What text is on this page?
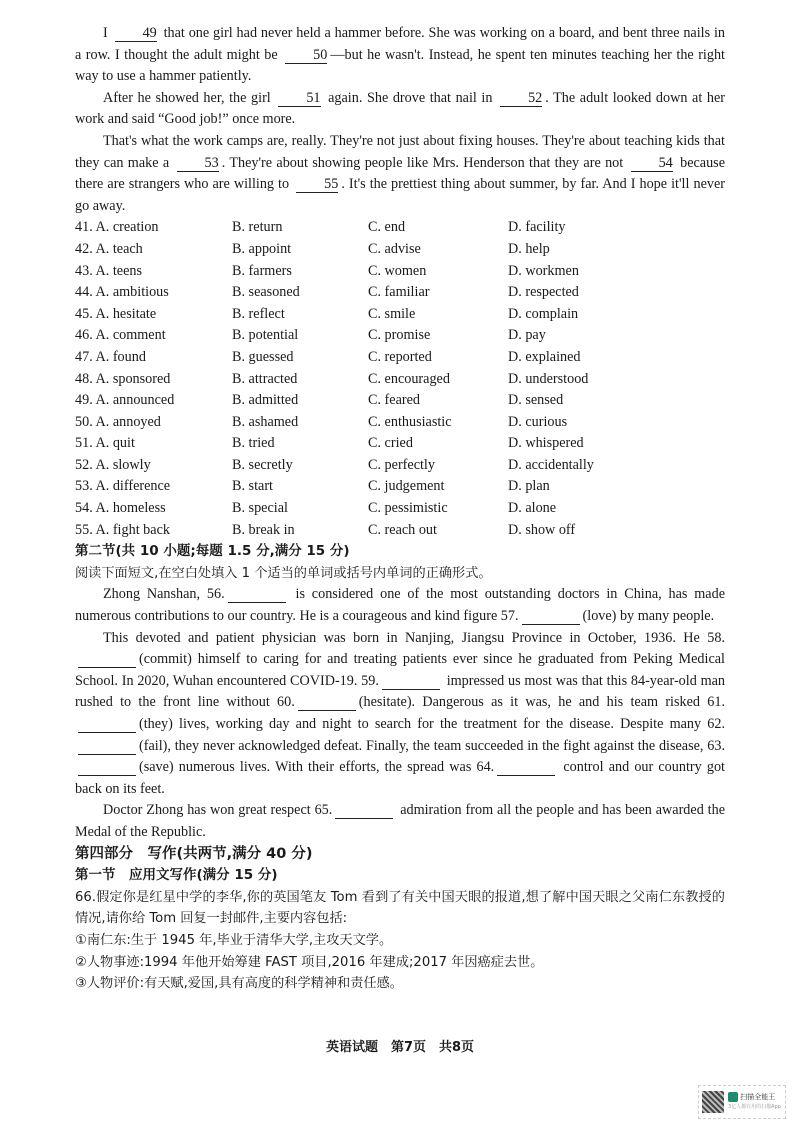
I 49 that one girl had never held a hammer before. She was working on a board, and bent three nails in a row. I thought the adult might be 50 —but he wasn't. Instead, he spent ten minutes teaching her the right way to use a hammer patiently.

After he showed her, the girl 51 again. She drove that nail in 52 . The adult looked down at her work and said “Good job!” once more.

That's what the work camps are, really. They're not just about fixing houses. They're about teaching kids that they can make a 53 . They're about showing people like Mrs. Henderson that they are not 54 because there are strangers who are willing to 55 . It's the prettiest thing about summer, by far. And I hope it'll never go away.

41. A. creation	B. return	C. end	D. facility
42. A. teach	B. appoint	C. advise	D. help
43. A. teens	B. farmers	C. women	D. workmen
44. A. ambitious	B. seasoned	C. familiar	D. respected
45. A. hesitate	B. reflect	C. smile	D. complain
46. A. comment	B. potential	C. promise	D. pay
47. A. found	B. guessed	C. reported	D. explained
48. A. sponsored	B. attracted	C. encouraged	D. understood
49. A. announced	B. admitted	C. feared	D. sensed
50. A. annoyed	B. ashamed	C. enthusiastic	D. curious
51. A. quit	B. tried	C. cried	D. whispered
52. A. slowly	B. secretly	C. perfectly	D. accidentally
53. A. difference	B. start	C. judgement	D. plan
54. A. homeless	B. special	C. pessimistic	D. alone
55. A. fight back	B. break in	C. reach out	D. show off
第二节(共 10 小题;每题 1.5 分,满分 15 分)
阅读下面短文,在空白处填入 1 个适当的单词或括号内单词的正确形式。

Zhong Nanshan, 56.	is considered one of the most outstanding doctors in China, has made numerous contributions to our country. He is a courageous and kind figure 57.	(love) by many people.

This devoted and patient physician was born in Nanjing, Jiangsu Province in October, 1936. He 58. (commit) himself to caring for and treating patients ever since he graduated from Peking Medical School. In 2020, Wuhan encountered COVID-19. 59.	impressed us most was that this 84-year-old man rushed to the front line without 60.	(hesitate). Dangerous as it was, he and his team risked 61. (they) lives, working day and night to search for the treatment for the disease. Despite many 62. (fail), they never acknowledged defeat. Finally, the team succeeded in the fight against the disease, 63. (save) numerous lives. With their efforts, the spread was 64.	control and our country got back on its feet.

Doctor Zhong has won great respect 65.	admiration from all the people and has been awarded the Medal of the Republic.

第四部分　写作(共两节,满分 40 分)
第一节　应用文写作(满分 15 分)
66.假定你是红星中学的李华,你的英国笔友 Tom 看到了有关中国天眼的报道,想了解中国天眼之父南仁东教授的情况,请你给 Tom 回复一封邮件,主要内容包括:
①南仁东:生于 1945 年,毕业于清华大学,主攻天文学。
②人物事迹:1994 年他开始筹建 FAST 项目,2016 年建成;2017 年因癌症去世。
③人物评价:有天赋,爱国,具有高度的科学精神和责任感。
英语试题　第7页　共8页
扫描全能王
3亿人都在用的扫描App
